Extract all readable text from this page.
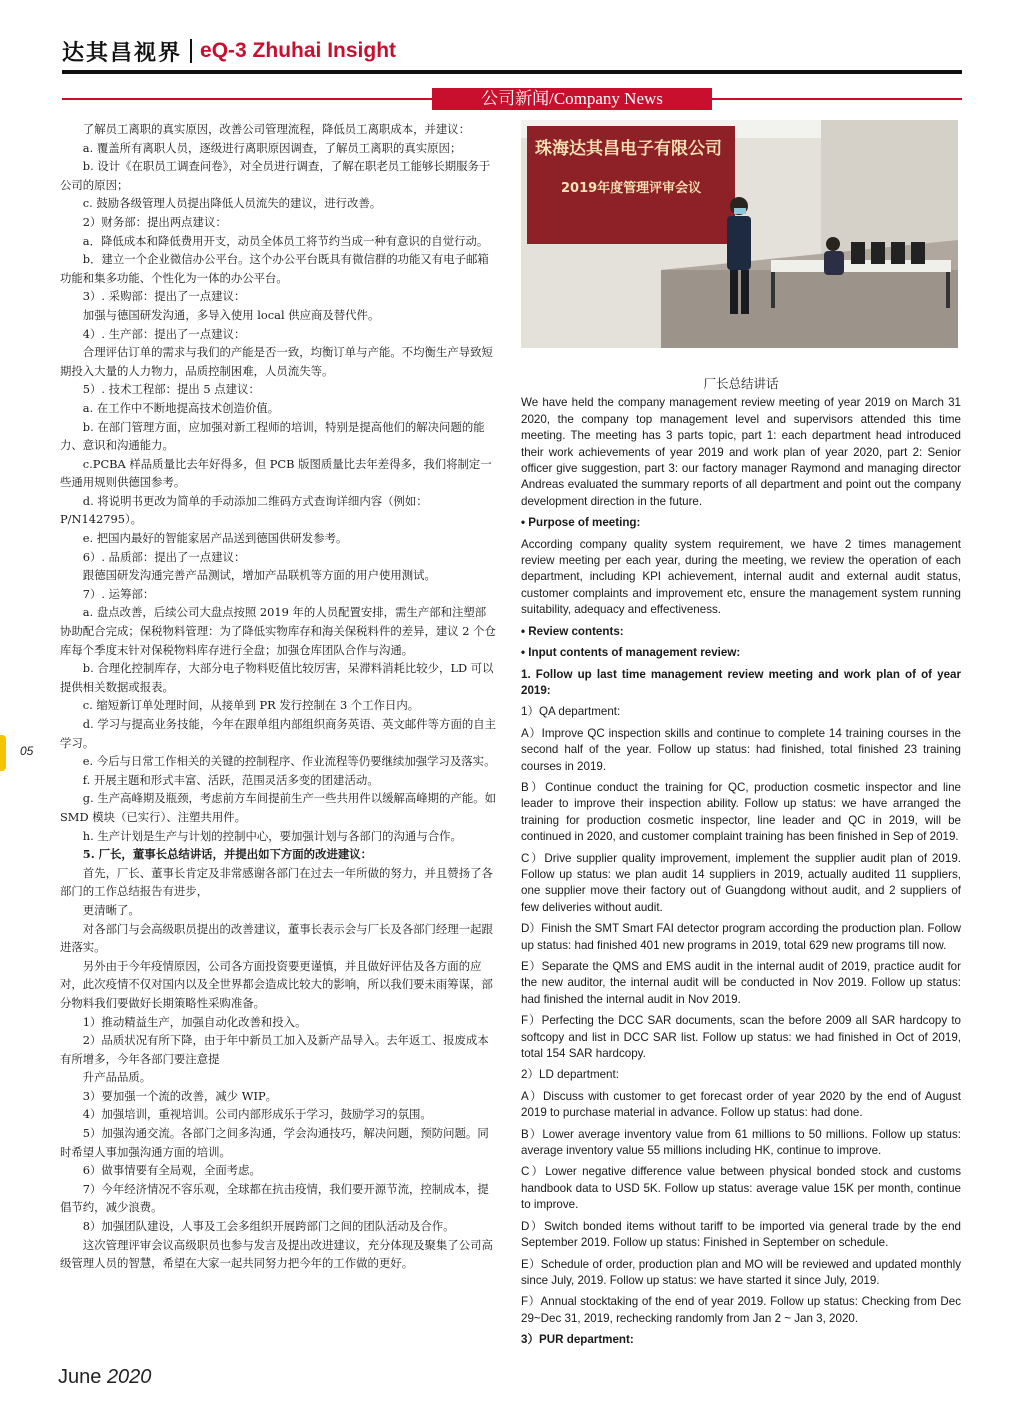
达其昌视界 eQ-3 Zhuhai Insight
公司新闻/Company News

了解员工离职的真实原因，改善公司管理流程，降低员工离职成本，并建议：

a. 覆盖所有离职人员，逐级进行离职原因调查，了解员工离职的真实原因；

b. 设计《在职员工调查问卷》，对全员进行调查，了解在职老员工能够长期服务于公司的原因；

c. 鼓励各级管理人员提出降低人员流失的建议，进行改善。

2）财务部：提出两点建议：

a．降低成本和降低费用开支，动员全体员工将节约当成一种有意识的自觉行动。

b．建立一个企业微信办公平台。这个办公平台既具有微信群的功能又有电子邮箱功能和集多功能、个性化为一体的办公平台。

3）. 采购部：提出了一点建议：

加强与德国研发沟通，多导入使用 local 供应商及替代件。

4）. 生产部：提出了一点建议：

合理评估订单的需求与我们的产能是否一致，均衡订单与产能。不均衡生产导致短期投入大量的人力物力，品质控制困难，人员流失等。

5）. 技术工程部：提出 5 点建议：

a. 在工作中不断地提高技术创造价值。

b. 在部门管理方面，应加强对新工程师的培训，特别是提高他们的解决问题的能力、意识和沟通能力。

c.PCBA 样品质量比去年好得多，但 PCB 版图质量比去年差得多，我们将制定一些通用规则供德国参考。

d. 将说明书更改为简单的手动添加二维码方式查询详细内容（例如：P/N142795）。

e. 把国内最好的智能家居产品送到德国供研发参考。

6）. 品质部：提出了一点建议：

跟德国研发沟通完善产品测试，增加产品联机等方面的用户使用测试。

7）. 运筹部：

a. 盘点改善，后续公司大盘点按照 2019 年的人员配置安排，需生产部和注塑部协助配合完成；保税物料管理：为了降低实物库存和海关保税料件的差异，建议 2 个仓库每个季度末针对保税物料库存进行全盘；加强仓库团队合作与沟通。

b. 合理化控制库存，大部分电子物料贬值比较厉害，呆滞料消耗比较少，LD 可以提供相关数据或报表。

c. 缩短新订单处理时间，从接单到 PR 发行控制在 3 个工作日内。

d. 学习与提高业务技能，今年在跟单组内部组织商务英语、英文邮件等方面的自主学习。

e. 今后与日常工作相关的关键的控制程序、作业流程等仍要继续加强学习及落实。

f. 开展主题和形式丰富、活跃，范围灵活多变的团建活动。

g. 生产高峰期及瓶颈，考虑前方车间提前生产一些共用件以缓解高峰期的产能。如 SMD 模块（已实行）、注塑共用件。

h. 生产计划是生产与计划的控制中心，要加强计划与各部门的沟通与合作。

5. 厂长，董事长总结讲话，并提出如下方面的改进建议：

首先，厂长、董事长肯定及非常感谢各部门在过去一年所做的努力，并且赞扬了各部门的工作总结报告有进步，

更清晰了。

对各部门与会高级职员提出的改善建议，董事长表示会与厂长及各部门经理一起跟进落实。

另外由于今年疫情原因，公司各方面投资要更谨慎，并且做好评估及各方面的应对，此次疫情不仅对国内以及全世界都会造成比较大的影响，所以我们要未雨筹谋，部分物料我们要做好长期策略性采购准备。

1）推动精益生产，加强自动化改善和投入。

2）品质状况有所下降，由于年中新员工加入及新产品导入。去年返工、报废成本有所增多，今年各部门要注意提

升产品品质。

3）要加强一个流的改善，减少 WIP。

4）加强培训，重视培训。公司内部形成乐于学习，鼓励学习的氛围。

5）加强沟通交流。各部门之间多沟通，学会沟通技巧，解决问题，预防问题。同时希望人事加强沟通方面的培训。

6）做事情要有全局观，全面考虑。

7）今年经济情况不容乐观，全球都在抗击疫情，我们要开源节流，控制成本，提倡节约，减少浪费。

8）加强团队建设，人事及工会多组织开展跨部门之间的团队活动及合作。

这次管理评审会议高级职员也参与发言及提出改进建议，充分体现及聚集了公司高级管理人员的智慧，希望在大家一起共同努力把今年的工作做的更好。

珠海达其昌电子有限公司
2019年度管理评审会议

厂长总结讲话

We have held the company management review meeting of year 2019 on March 31 2020, the company top management level and supervisors attended this time meeting. The meeting has 3 parts topic, part 1: each department head introduced their work achievements of year 2019 and work plan of year 2020, part 2: Senior officer give suggestion, part 3: our factory manager Raymond and managing director Andreas evaluated the summary reports of all department and point out the company development direction in the future.

• Purpose of meeting:

According company quality system requirement, we have 2 times management review meeting per each year, during the meeting, we review the operation of each department, including KPI achievement, internal audit and external audit status, customer complaints and improvement etc, ensure the management system running suitability, adequacy and effectiveness.

• Review contents:

• Input contents of management review:

1. Follow up last time management review meeting and work plan of of year 2019:

1）QA department:

A）Improve QC inspection skills and continue to complete 14 training courses in the second half of the year. Follow up status: had finished, total finished 23 training courses in 2019.

B）Continue conduct the training for QC, production cosmetic inspector and line leader to improve their inspection ability. Follow up status: we have arranged the training for production cosmetic inspector, line leader and QC in 2019, will be continued in 2020, and customer complaint training has been finished in Sep of 2019.

C）Drive supplier quality improvement, implement the supplier audit plan of 2019. Follow up status: we plan audit 14 suppliers in 2019, actually audited 11 suppliers, one supplier move their factory out of Guangdong without audit, and 2 suppliers of few deliveries without audit.

D）Finish the SMT Smart FAI detector program according the production plan. Follow up status: had finished 401 new programs in 2019, total 629 new programs till now.

E）Separate the QMS and EMS audit in the internal audit of 2019, practice audit for the new auditor, the internal audit will be conducted in Nov 2019. Follow up status: had finished the internal audit in Nov 2019.

F）Perfecting the DCC SAR documents, scan the before 2009 all SAR hardcopy to softcopy and list in DCC SAR list. Follow up status: we had finished in Oct of 2019, total 154 SAR hardcopy.

2）LD department:

A）Discuss with customer to get forecast order of year 2020 by the end of August 2019 to purchase material in advance. Follow up status: had done.

B）Lower average inventory value from 61 millions to 50 millions. Follow up status: average inventory value 55 millions including HK, continue to improve.

C）Lower negative difference value between physical bonded stock and customs handbook data to USD 5K. Follow up status: average value 15K per month, continue to improve.

D）Switch bonded items without tariff to be imported via general trade by the end September 2019. Follow up status: Finished in September on schedule.

E）Schedule of order, production plan and MO will be reviewed and updated monthly since July, 2019. Follow up status: we have started it since July, 2019.

F）Annual stocktaking of the end of year 2019. Follow up status: Checking from Dec 29~Dec 31, 2019, rechecking randomly from Jan 2 ~ Jan 3, 2020.

3）PUR department:

05
June 2020
